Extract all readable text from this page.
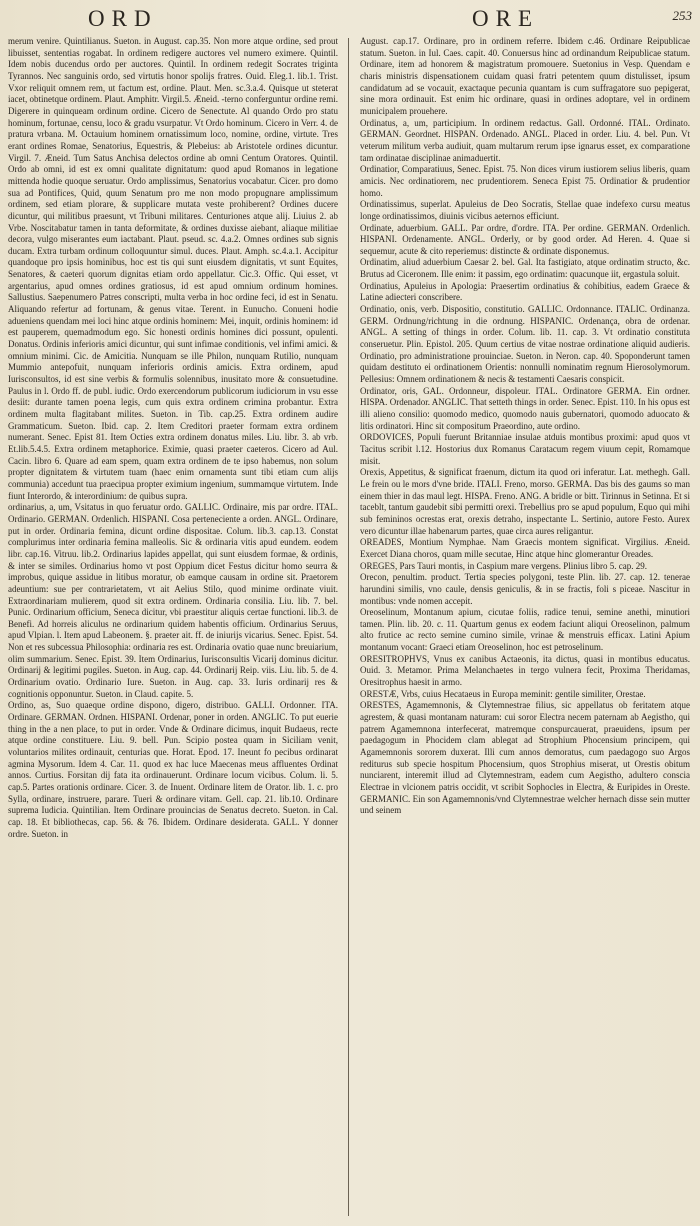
ORD	ORE	253

merum venire. Quintilianus. Sueton. in August. cap.35. Non more atque ordine, sed prout libuisset, sententias rogabat. In ordinem redigere auctores vel numero eximere. Quintil. Idem nobis ducendus ordo per auctores. Quintil. In ordinem redegit Socrates triginta Tyrannos. Nec sanguinis ordo, sed virtutis honor spolijs fratres. Ouid. Eleg.1. lib.1. Trist. Vxor reliquit omnem rem, ut factum est, ordine. Plaut. Men. sc.3.a.4. Quisque ut steterat iacet, obtinetque ordinem. Plaut. Amphitr. Virgil.5. Æneid. -terno conferguntur ordine remi. Digerere in quinqueam ordinum ordine. Cicero de Senectute. Al quando Ordo pro statu hominum, fortunae, censu, loco & gradu vsurpatur. Vt Ordo hominum. Cicero in Verr. 4. de pratura vrbana. M. Octauium hominem ornatissimum loco, nomine, ordine, virtute. Tres erant ordines Romae, Senatorius, Equestris, & Plebeius: ab Aristotele ordines dicuntur. Virgil. 7. Æneid. Tum Satus Anchisa delectos ordine ab omni Centum Oratores. Quintil. Ordo ab omni, id est ex omni qualitate dignitatum: quod apud Romanos in legatione mittenda hodie quoque seruatur. Ordo amplissimus, Senatorius vocabatur. Cicer. pro domo sua ad Pontifices, Quid, quum Senatum pro me non modo propugnare amplissimum ordinem, sed etiam plorare, & supplicare mutata veste prohiberent? Ordines ducere dicuntur, qui militibus praesunt, vt Tribuni militares. Centuriones atque alij. Liuius 2. ab Vrbe. Noscitabatur tamen in tanta deformitate, & ordines duxisse aiebant, aliaque militiae decora, vulgo miserantes eum iactabant. Plaut. pseud. sc. 4.a.2. Omnes ordines sub signis ducam. Extra turbam ordinum colloquuntur simul. duces. Plaut. Amph. sc.4.a.1. Accipitur quandoque pro ipsis hominibus, hoc est tis qui sunt eiusdem dignitatis, vt sunt Equites, Senatores, & caeteri quorum dignitas etiam ordo appellatur. Cic.3. Offic. Qui esset, vt argentarius, apud omnes ordines gratiosus, id est apud omnium ordinum homines. Sallustius. Saepenumero Patres conscripti, multa verba in hoc ordine feci, id est in Senatu. Aliquando refertur ad fortunam, & genus vitae. Terent. in Eunucho. Conueni hodie adueniens quendam mei loci hinc atque ordinis hominem: Mei, inquit, ordinis hominem: id est pauperem, quemadmodum ego. Sic honesti ordinis homines dici possunt, opulenti. Donatus. Ordinis inferioris amici dicuntur, qui sunt infimae conditionis, vel infimi amici. & omnium minimi. Cic. de Amicitia. Nunquam se ille Philon, nunquam Rutilio, nunquam Mummio antepofuit, nunquam inferioris ordinis amicis. Extra ordinem, apud Iurisconsultos, id est sine verbis & formulis solennibus, inusitato more & consuetudine. Paulus in l. Ordo ff. de publ. iudic. Ordo exercendorum publicorum iudiciorum in vsu esse desiit: durante tamen poena legis, cum quis extra ordinem crimina probantur. Extra ordinem multa flagitabant milites. Sueton. in Tib. cap.25. Extra ordinem audire Grammaticum. Sueton. Ibid. cap. 2. Item Creditori praeter formam extra ordinem numerant. Senec. Epist 81. Item Octies extra ordinem donatus miles. Liu. libr. 3. ab vrb. Et.lib.5.4.5. Extra ordinem metaphorice. Eximie, quasi praeter caeteros. Cicero ad Aul. Cacin. libro 6. Quare ad eam spem, quam extra ordinem de te ipso habemus, non solum propter dignitatem & virtutem tuam (haec enim ornamenta sunt tibi etiam cum alijs communia) accedunt tua praecipua propter eximium ingenium, summamque virtutem. Inde fiunt Interordo, & interordinium: de quibus supra.

ordinarius, a, um, Vsitatus in quo feruatur ordo. GALLIC. Ordinaire, mis par ordre. ITAL. Ordinario. GERMAN. Ordenlich. HISPANI. Cosa perteneciente a orden. ANGL. Ordinare, put in order. Ordinaria femina, dicunt ordine dispositae. Colum. lib.3. cap.13. Constat complurimus inter ordinaria femina malleolis. Sic & ordinaria vitis apud eundem. eodem libr. cap.16. Vitruu. lib.2. Ordinarius lapides appellat, qui sunt eiusdem formae, & ordinis, & inter se similes. Ordinarius homo vt post Oppium dicet Festus dicitur homo seurra & improbus, quique assidue in litibus moratur, ob eamque causam in ordine sit. Praetorem adeuntium: sue per contrarietatem, vt ait Aelius Stilo, quod minime ordinate viuit. Extraordinariam mulierem, quod sit extra ordinem. Ordinaria consilia. Liu. lib. 7. bel. Punic. Ordinarium officium, Seneca dicitur, vbi praestitur aliquis certae functioni. lib.3. de Benefi. Ad horreis aliculus ne ordinarium quidem habentis officium. Ordinarius Seruus, apud Vlpian. l. Item apud Labeonem. §. praeter ait. ff. de iniurijs vicarius. Senec. Epist. 54. Non et res subcessua Philosophia: ordinaria res est. Ordinaria ovatio quae nunc breuiarium, olim summarium. Senec. Epist. 39. Item Ordinarius, Iurisconsultis Vicarij dominus dicitur. Ordinarij & legitimi pugiles. Sueton. in Aug. cap. 44. Ordinarij Reip. viis. Liu. lib. 5. de 4. Ordinarium ovatio. Ordinario Iure. Sueton. in Aug. cap. 33. Iuris ordinarij res & cognitionis opponuntur. Sueton. in Claud. capite. 5.

Ordino, as, Suo quaeque ordine dispono, digero, distribuo. GALLI. Ordonner. ITA. Ordinare. GERMAN. Ordnen. HISPANI. Ordenar, poner in orden. ANGLIC. To put euerie thing in the a nen place, to put in order. Vnde & Ordinare dicimus, inquit Budaeus, recte atque ordine constituere. Liu. 9. bell. Pun. Scipio postea quam in Siciliam venit, voluntarios milites ordinauit, centurias que. Horat. Epod. 17. Ineunt fo pecibus ordinarat agmina Mysorum. Idem 4. Car. 11. quod ex hac luce Maecenas meus affluentes Ordinat annos. Curtius. Forsitan dij fata ita ordinauerunt. Ordinare locum vicibus. Colum. li. 5. cap.5. Partes orationis ordinare. Cicer. 3. de Inuent. Ordinare litem de Orator. lib. 1. c. pro Sylla, ordinare, instruere, parare. Tueri & ordinare vitam. Gell. cap. 21. lib.10. Ordinare suprema Iudicia. Quintilian. Item Ordinare prouincias de Senatus decreto. Sueton. in Cal. cap. 18. Et bibliothecas, cap. 56. & 76. Ibidem. Ordinare desiderata. GALL. Y donner ordre. Sueton. in

August. cap.17. Ordinare, pro in ordinem referre. Ibidem c.46. Ordinare Reipublicae statum. Sueton. in Iul. Caes. capit. 40. Conuersus hinc ad ordinandum Reipublicae statum. Ordinare, item ad honorem & magistratum promouere. Suetonius in Vesp. Quendam e charis ministris dispensationem cuidam quasi fratri petentem quum distulisset, ipsum candidatum ad se vocauit, exactaque pecunia quantam is cum suffragatore suo pepigerat, sine mora ordinauit. Est enim hic ordinare, quasi in ordines adoptare, vel in ordinem municipalem prouehere.

Ordinatus, a, um, participium. In ordinem redactus. Gall. Ordonné. ITAL. Ordinato. GERMAN. Geordnet. HISPAN. Ordenado. ANGL. Placed in order. Liu. 4. bel. Pun. Vt veterum militum verba audiuit, quam multarum rerum ipse ignarus esset, ex comparatione tam ordinatae disciplinae animaduertit.

Ordinatior, Comparatiuus, Senec. Epist. 75. Non dices virum iustiorem selius liberis, quam amicis. Nec ordinatiorem, nec prudentiorem. Seneca Epist 75. Ordinatior & prudentior homo.

Ordinatissimus, superlat. Apuleius de Deo Socratis, Stellae quae indefexo cursu meatus longe ordinatissimos, diuinis vicibus aeternos efficiunt.

Ordinate, aduerbium. GALL. Par ordre, d'ordre. ITA. Per ordine. GERMAN. Ordenlich. HISPANI. Ordenamente. ANGL. Orderly, or by good order. Ad Heren. 4. Quae si sequemur, acute & cito reperiemus: distincte & ordinate disponemus.

Ordinatim, aliud aduerbium Caesar 2. bel. Gal. Ita fastigiato, atque ordinatim structo, &c. Brutus ad Ciceronem. Ille enim: it passim, ego ordinatim: quacunque iit, ergastula soluit.

Ordinatius, Apuleius in Apologia: Praesertim ordinatius & cohibitius, eadem Graece & Latine adiecteri conscribere.

Ordinatio, onis, verb. Dispositio, constitutio. GALLIC. Ordonnance. ITALIC. Ordinanza. GERM. Ordnung/richtung in die ordnung. HISPANIC. Ordenança, obra de ordenar. ANGL. A setting of things in order. Colum. lib. 11. cap. 3. Vt ordinatio constituta conseruetur. Plin. Epistol. 205. Quum certius de vitae nostrae ordinatione aliquid audieris. Ordinatio, pro administratione prouinciae. Sueton. in Neron. cap. 40. Spoponderunt tamen quidam destituto ei ordinationem Orientis: nonnulli nominatim regnum Hierosolymorum. Pellesius: Omnem ordinationem & necis & testamenti Caesaris conspicit.

Ordinator, oris, GAL. Ordonneur, dispoleur. ITAL. Ordinatore GERMA. Ein ordner. HISPA. Ordenador. ANGLIC. That setteth things in order. Senec. Epist. 110. In his opus est illi alieno consilio: quomodo medico, quomodo nauis gubernatori, quomodo aduocato & litis ordinatori. Hinc sit compositum Praeordino, aute ordino.

ORDOVICES, Populi fuerunt Britanniae insulae atduis montibus proximi: apud quos vt Tacitus scribit l.12. Hostorius dux Romanus Caratacum regem viuum cepit, Romamque misit.

Orexis, Appetitus, & significat fraenum, dictum ita quod ori inferatur. Lat. methegh. Gall. Le frein ou le mors d'vne bride. ITALI. Freno, morso. GERMA. Das bis des gaums so man einem thier in das maul legt. HISPA. Freno. ANG. A bridle or bitt. Tirinnus in Setinna. Et si taceblt, tantum gaudebit sibi permitti orexi. Trebellius pro se apud populum, Equo qui mihi sub femininos ocrestas erat, orexis detraho, inspectante L. Sertinio, autore Festo. Aurex vero dicuntur illae habenarum partes, quae circa aures religantur.

OREADES, Montium Nymphae. Nam Graecis montem significat. Virgilius. Æneid. Exercet Diana choros, quam mille secutae, Hinc atque hinc glomerantur Oreades.

OREGES, Pars Tauri montis, in Caspium mare vergens. Plinius libro 5. cap. 29.

Orecon, penultim. product. Tertia species polygoni, teste Plin. lib. 27. cap. 12. tenerae harundini similis, vno caule, densis geniculis, & in se fractis, foli s piceae. Nascitur in montibus: vnde nomen accepit.

Oreoselinum, Montanum apium, cicutae foliis, radice tenui, semine anethi, minutiori tamen. Plin. lib. 20. c. 11. Quartum genus ex eodem faciunt aliqui Oreoselinon, palmum alto frutice ac recto semine cumino simile, vrinae & menstruis efficax. Latini Apium montanum vocant: Graeci etiam Oreoselinon, hoc est petroselinum.

ORESITROPHVS, Vnus ex canibus Actaeonis, ita dictus, quasi in montibus educatus. Ouid. 3. Metamor. Prima Melanchaetes in tergo vulnera fecit, Proxima Theridamas, Oresitrophus haesit in armo.

ORESTÆ, Vrbs, cuius Hecataeus in Europa meminit: gentile similiter, Orestae.

ORESTES, Agamemnonis, & Clytemnestrae filius, sic appellatus ob feritatem atque agrestem, & quasi montanam naturam: cui soror Electra necem paternam ab Aegistho, qui patrem Agamemnona interfecerat, matremque conspurcauerat, praeuidens, ipsum per paedagogum in Phocidem clam ablegat ad Strophium Phocensium principem, qui Agamemnonis sororem duxerat. Illi cum annos demoratus, cum paedagogo suo Argos rediturus sub specie hospitum Phocensium, quos Strophius miserat, ut Orestis obitum nunciarent, interemit illud ad Clytemnestram, eadem cum Aegistho, adultero conscia Electrae in vlcionem patris occidit, vt scribit Sophocles in Electra, & Euripides in Oreste. GERMANIC. Ein son Agamemnonis/vnd Clytemnestrae welcher hernach disse sein mutter und seinem
